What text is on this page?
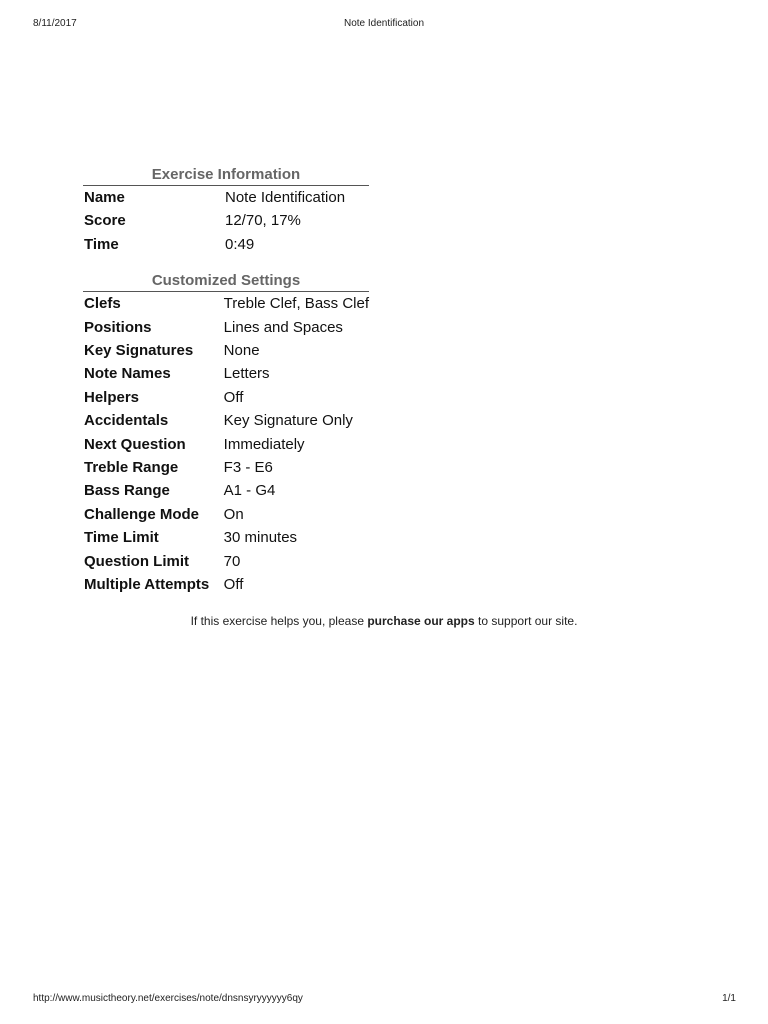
8/11/2017	Note Identification
Exercise Information
Name	Note Identification
Score	12/70, 17%
Time	0:49
Customized Settings
Clefs	Treble Clef, Bass Clef
Positions	Lines and Spaces
Key Signatures	None
Note Names	Letters
Helpers	Off
Accidentals	Key Signature Only
Next Question	Immediately
Treble Range	F3 - E6
Bass Range	A1 - G4
Challenge Mode	On
Time Limit	30 minutes
Question Limit	70
Multiple Attempts	Off
If this exercise helps you, please purchase our apps to support our site.
http://www.musictheory.net/exercises/note/dnsnsyryyyyyy6qy	1/1
